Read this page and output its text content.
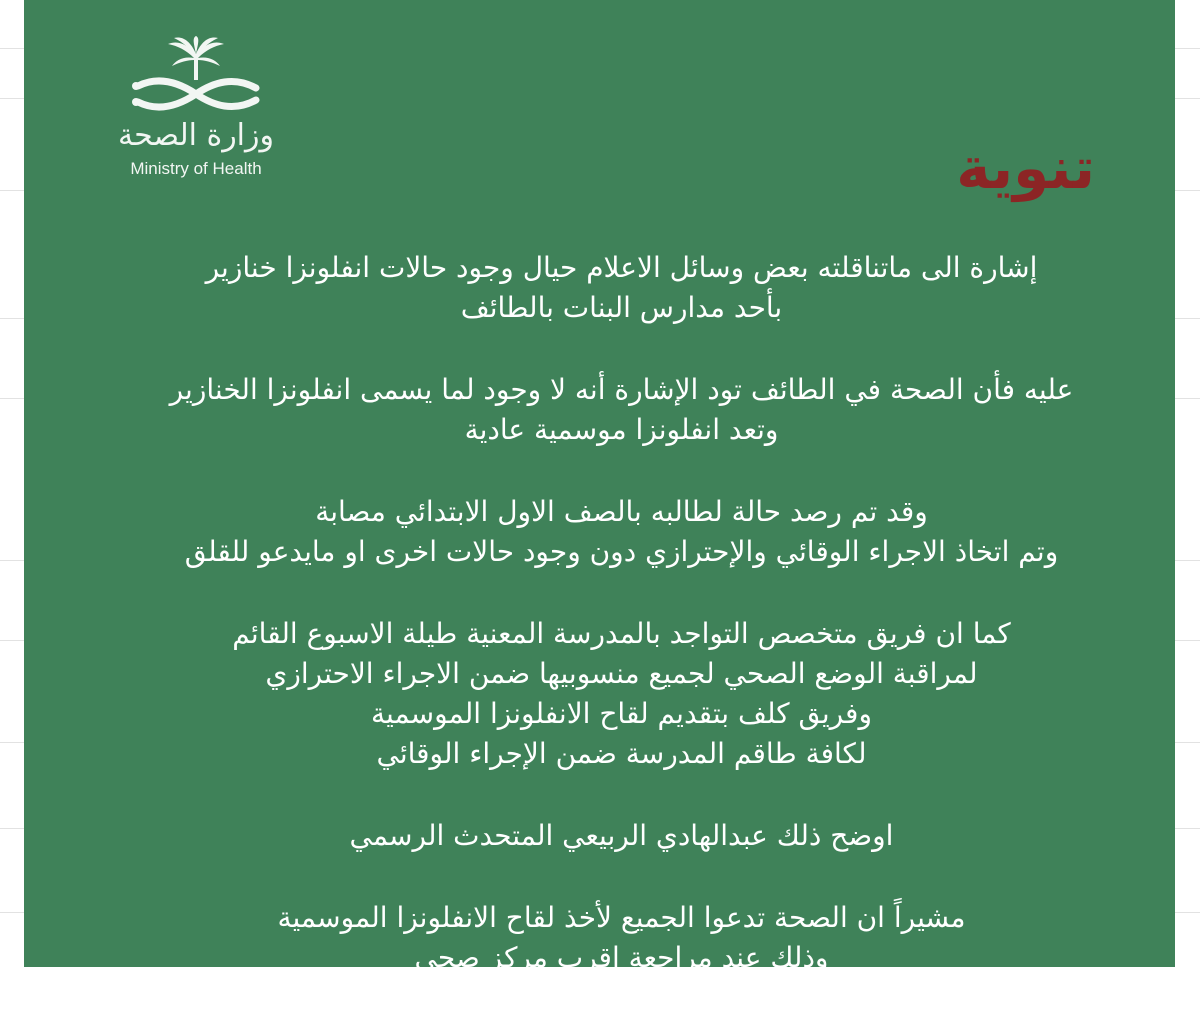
وزارة الصحة
Ministry of Health	تنوية
إشارة الى ماتناقلته بعض وسائل الاعلام حيال وجود حالات انفلونزا خنازير
بأحد مدارس البنات بالطائف
عليه فأن الصحة في الطائف تود الإشارة أنه لا وجود لما يسمى انفلونزا الخنازير
وتعد انفلونزا موسمية عادية
وقد تم رصد حالة لطالبه بالصف الاول الابتدائي مصابة
وتم اتخاذ الاجراء الوقائي والإحترازي دون وجود حالات اخرى او مايدعو للقلق
كما ان فريق متخصص التواجد بالمدرسة المعنية طيلة الاسبوع القائم
لمراقبة الوضع الصحي لجميع منسوبيها ضمن الاجراء الاحترازي
وفريق كلف بتقديم لقاح الانفلونزا الموسمية
لكافة طاقم المدرسة ضمن الإجراء الوقائي
اوضح ذلك عبدالهادي الربيعي المتحدث الرسمي
مشيراً ان الصحة تدعوا الجميع لأخذ لقاح الانفلونزا الموسمية
وذلك عند مراجعة اقرب مركز صحي
